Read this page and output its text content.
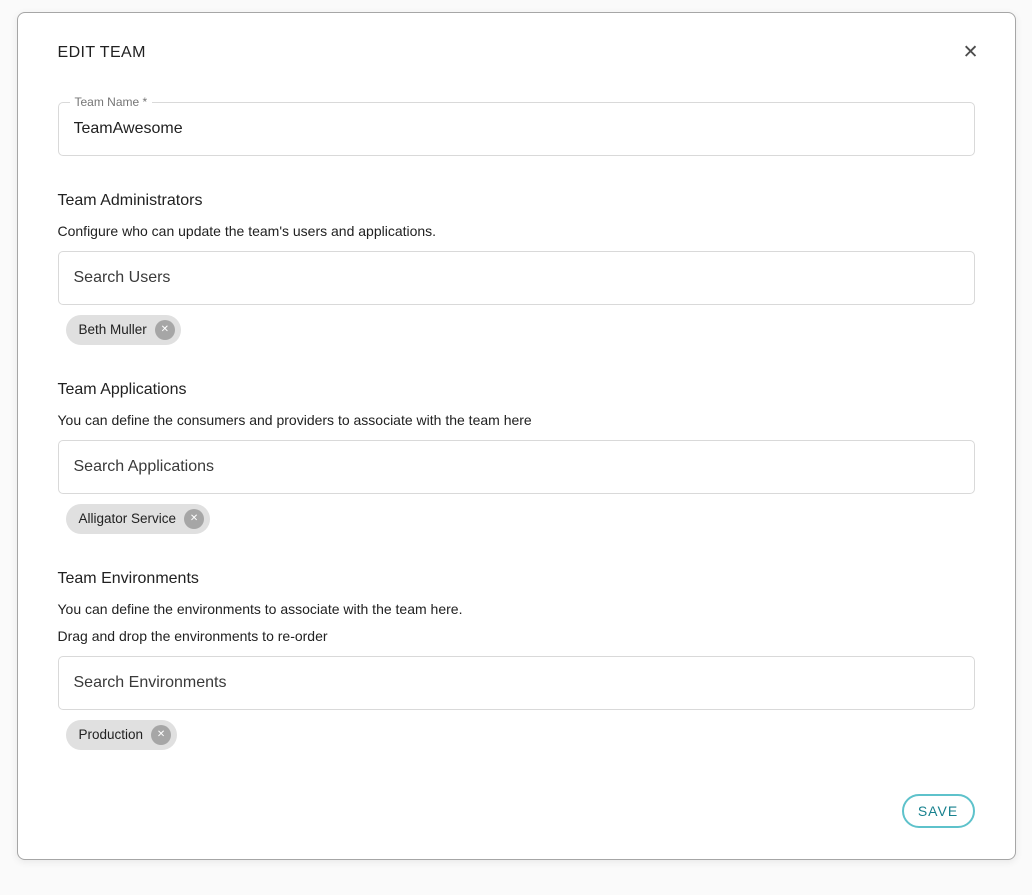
EDIT TEAM	✕
Team Name *
TeamAwesome
Team Administrators

Configure who can update the team's users and applications.

Search Users
Beth Muller ✕
Team Applications

You can define the consumers and providers to associate with the team here

Search Applications
Alligator Service ✕
Team Environments

You can define the environments to associate with the team here.

Drag and drop the environments to re-order

Search Environments
Production ✕
SAVE
